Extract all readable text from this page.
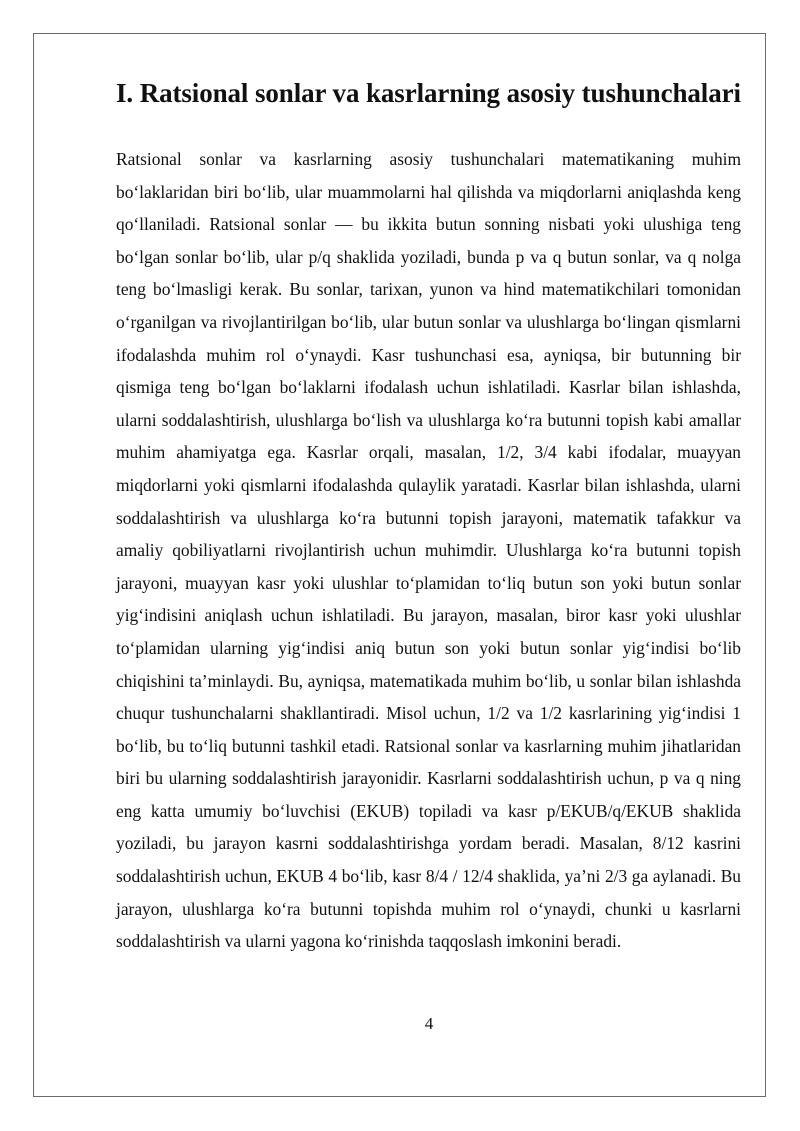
I. Ratsional sonlar va kasrlarning asosiy tushunchalari

Ratsional sonlar va kasrlarning asosiy tushunchalari matematikaning muhim bo‘laklaridan biri bo‘lib, ular muammolarni hal qilishda va miqdorlarni aniqlashda keng qo‘llaniladi. Ratsional sonlar — bu ikkita butun sonning nisbati yoki ulushiga teng bo‘lgan sonlar bo‘lib, ular p/q shaklida yoziladi, bunda p va q butun sonlar, va q nolga teng bo‘lmasligi kerak. Bu sonlar, tarixan, yunon va hind matematikchilari tomonidan o‘rganilgan va rivojlantirilgan bo‘lib, ular butun sonlar va ulushlarga bo‘lingan qismlarni ifodalashda muhim rol o‘ynaydi. Kasr tushunchasi esa, ayniqsa, bir butunning bir qismiga teng bo‘lgan bo‘laklarni ifodalash uchun ishlatiladi. Kasrlar bilan ishlashda, ularni soddalashtirish, ulushlarga bo‘lish va ulushlarga ko‘ra butunni topish kabi amallar muhim ahamiyatga ega. Kasrlar orqali, masalan, 1/2, 3/4 kabi ifodalar, muayyan miqdorlarni yoki qismlarni ifodalashda qulaylik yaratadi. Kasrlar bilan ishlashda, ularni soddalashtirish va ulushlarga ko‘ra butunni topish jarayoni, matematik tafakkur va amaliy qobiliyatlarni rivojlantirish uchun muhimdir. Ulushlarga ko‘ra butunni topish jarayoni, muayyan kasr yoki ulushlar to‘plamidan to‘liq butun son yoki butun sonlar yig‘indisini aniqlash uchun ishlatiladi. Bu jarayon, masalan, biror kasr yoki ulushlar to‘plamidan ularning yig‘indisi aniq butun son yoki butun sonlar yig‘indisi bo‘lib chiqishini ta’minlaydi. Bu, ayniqsa, matematikada muhim bo‘lib, u sonlar bilan ishlashda chuqur tushunchalarni shakllantiradi. Misol uchun, 1/2 va 1/2 kasrlarining yig‘indisi 1 bo‘lib, bu to‘liq butunni tashkil etadi. Ratsional sonlar va kasrlarning muhim jihatlaridan biri bu ularning soddalashtirish jarayonidir. Kasrlarni soddalashtirish uchun, p va q ning eng katta umumiy bo‘luvchisi (EKUB) topiladi va kasr p/EKUB/q/EKUB shaklida yoziladi, bu jarayon kasrni soddalashtirishga yordam beradi. Masalan, 8/12 kasrini soddalashtirish uchun, EKUB 4 bo‘lib, kasr 8/4 / 12/4 shaklida, ya’ni 2/3 ga aylanadi. Bu jarayon, ulushlarga ko‘ra butunni topishda muhim rol o‘ynaydi, chunki u kasrlarni soddalashtirish va ularni yagona ko‘rinishda taqqoslash imkonini beradi.

4
